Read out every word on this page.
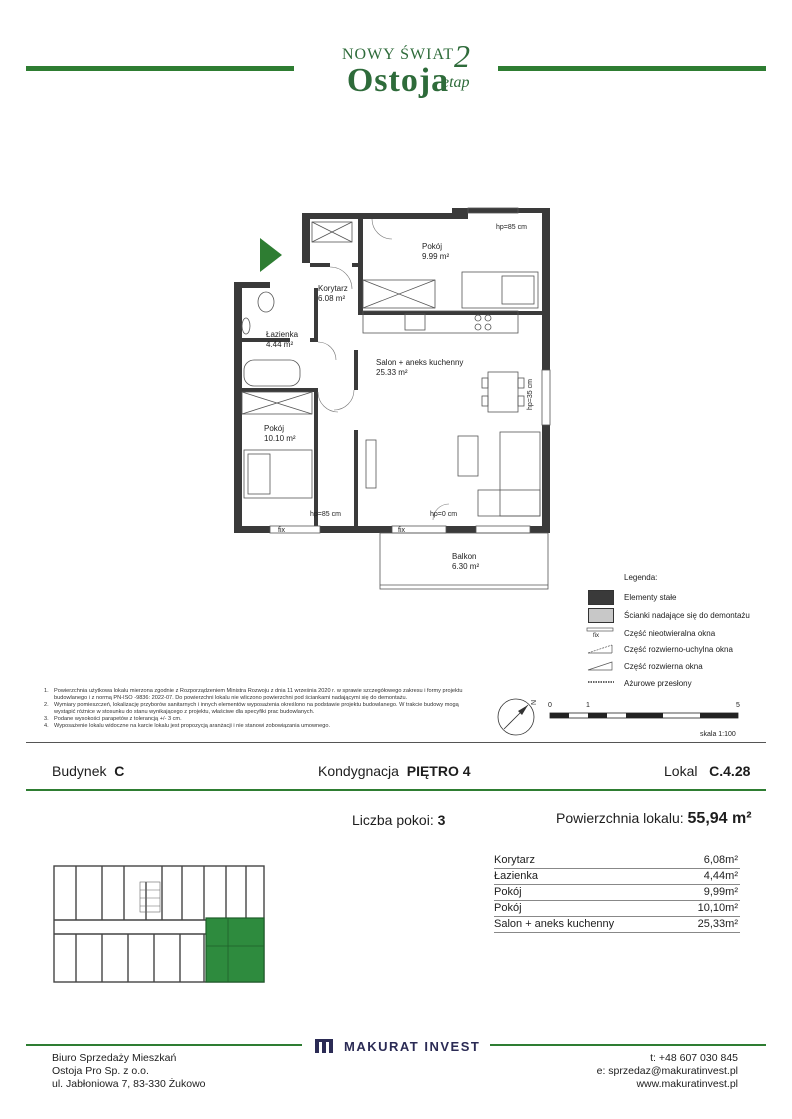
NOWY ŚWIAT
Ostoja
2
etap
Pokój
9.99 m²
Korytarz
6.08 m²
Łazienka
4.44 m²
Salon + aneks kuchenny
25.33 m²
Pokój
10.10 m²
Balkon
6.30 m²
hp=85 cm
hp=85 cm	hp=0 cm
hp=35 cm
fix	fix
Legenda:
Elementy stałe
Ścianki nadające się do demontażu
fix	Część nieotwieralna okna
Część rozwierno-uchylna okna
Część rozwierna okna
Ażurowe przesłony
1. Powierzchnia użytkowa lokalu mierzona zgodnie z Rozporządzeniem Ministra Rozwoju z dnia 11 września 2020 r. w sprawie szczegółowego zakresu i formy projektu budowlanego i z normą PN-ISO -9836: 2022-07. Do powierzchni lokalu nie wliczono powierzchni pod ściankami nadającymi się do demontażu.
2. Wymiary pomieszczeń, lokalizację przyborów sanitarnych i innych elementów wyposażenia określono na podstawie projektu budowlanego. W trakcie budowy mogą wystąpić różnice w stosunku do stanu wynikającego z projektu, właściwe dla specyfiki prac budowlanych.
3. Podane wysokości parapetów z tolerancją +/- 3 cm.
4. Wyposażenie lokalu widoczne na karcie lokalu jest propozycją aranżacji i nie stanowi zobowiązania umownego.
N 0	1	5
skala 1:100
Budynek C	Kondygnacja PIĘTRO 4	Lokal C.4.28
Liczba pokoi: 3	Powierzchnia lokalu: 55,94 m²
Korytarz	6,08m²
Łazienka	4,44m²
Pokój	9,99m²
Pokój	10,10m²
Salon + aneks kuchenny	25,33m²
MAKURAT INVEST
Biuro Sprzedaży Mieszkań
Ostoja Pro Sp. z o.o.
ul. Jabłoniowa 7, 83-330 Żukowo
t: +48 607 030 845
e: sprzedaz@makuratinvest.pl
www.makuratinvest.pl
